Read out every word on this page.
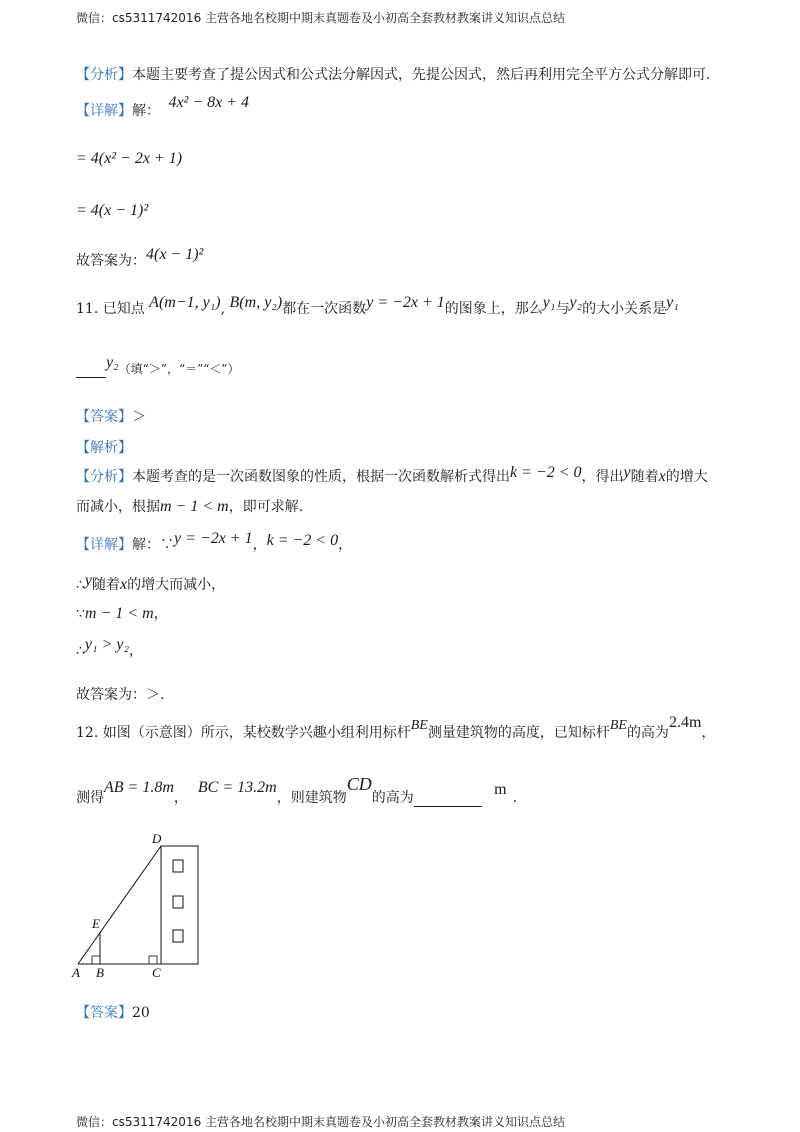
微信：cs5311742016 主营各地名校期中期末真题卷及小初高全套教材教案讲义知识点总结
【分析】本题主要考查了提公因式和公式法分解因式，先提公因式，然后再利用完全平方公式分解即可.
【详解】解： 4x² − 8x + 4
= 4(x² − 2x + 1)
= 4(x − 1)²
故答案为：4(x − 1)²
11. 已知点 A(m−1, y₁), B(m, y₂)都在一次函数y = −2x + 1的图象上，那么y₁与y₂的大小关系是y₁
y₂（填“＞”，“＝”“＜”）
【答案】＞
【解析】
【分析】本题考查的是一次函数图象的性质，根据一次函数解析式得出k = −2 < 0，得出y随着x的增大
而减小，根据m − 1 < m，即可求解.
【详解】解：∵y = −2x + 1，k = −2 < 0，
∴y随着x的增大而减小，
∵m − 1 < m，
∴y₁ > y₂，
故答案为：＞.
12. 如图（示意图）所示，某校数学兴趣小组利用标杆BE测量建筑物的高度，已知标杆BE的高为2.4m，
测得AB = 1.8m，BC = 13.2m，则建筑物CD的高为	m .
A B	C
D
E
【答案】20
微信：cs5311742016 主营各地名校期中期末真题卷及小初高全套教材教案讲义知识点总结
